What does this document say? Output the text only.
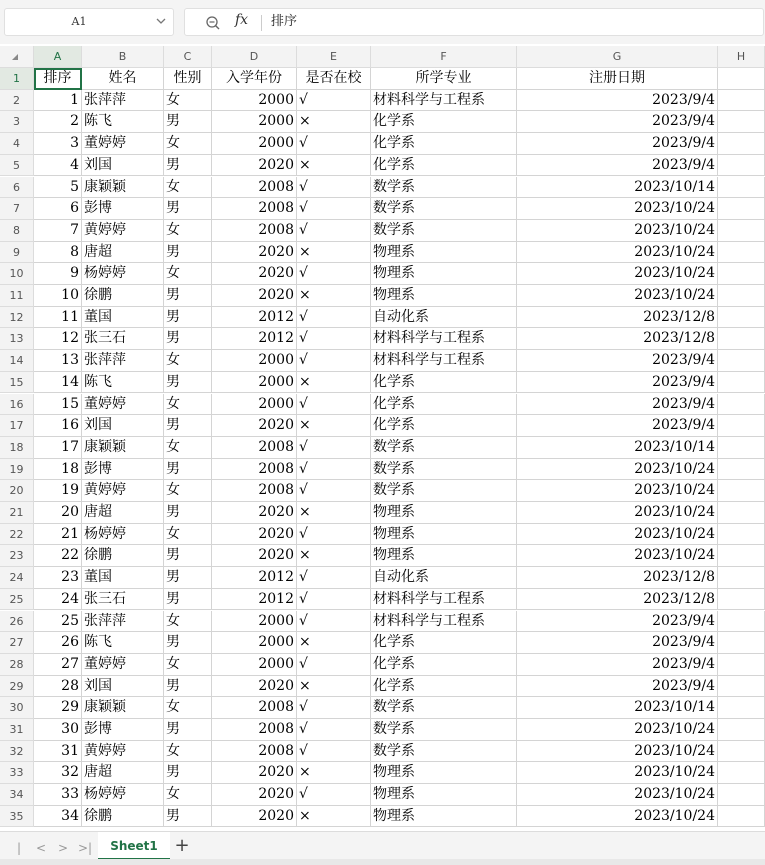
A1	fx 排序
A	B	C	D	E	F	G	H
1	排序	姓名	性别	入学年份	是否在校	所学专业	注册日期
2	1 张萍萍	女	2000 √	材料科学与工程系	2023/9/4
3	2 陈飞	男	2000 ×	化学系	2023/9/4
4	3 董婷婷	女	2000 √	化学系	2023/9/4
5	4 刘国	男	2020 ×	化学系	2023/9/4
6	5 康颖颖	女	2008 √	数学系	2023/10/14
7	6 彭博	男	2008 √	数学系	2023/10/24
8	7 黄婷婷	女	2008 √	数学系	2023/10/24
9	8 唐超	男	2020 ×	物理系	2023/10/24
10	9 杨婷婷	女	2020 √	物理系	2023/10/24
11	10 徐鹏	男	2020 ×	物理系	2023/10/24
12	11 董国	男	2012 √	自动化系	2023/12/8
13	12 张三石	男	2012 √	材料科学与工程系	2023/12/8
14	13 张萍萍	女	2000 √	材料科学与工程系	2023/9/4
15	14 陈飞	男	2000 ×	化学系	2023/9/4
16	15 董婷婷	女	2000 √	化学系	2023/9/4
17	16 刘国	男	2020 ×	化学系	2023/9/4
18	17 康颖颖	女	2008 √	数学系	2023/10/14
19	18 彭博	男	2008 √	数学系	2023/10/24
20	19 黄婷婷	女	2008 √	数学系	2023/10/24
21	20 唐超	男	2020 ×	物理系	2023/10/24
22	21 杨婷婷	女	2020 √	物理系	2023/10/24
23	22 徐鹏	男	2020 ×	物理系	2023/10/24
24	23 董国	男	2012 √	自动化系	2023/12/8
25	24 张三石	男	2012 √	材料科学与工程系	2023/12/8
26	25 张萍萍	女	2000 √	材料科学与工程系	2023/9/4
27	26 陈飞	男	2000 ×	化学系	2023/9/4
28	27 董婷婷	女	2000 √	化学系	2023/9/4
29	28 刘国	男	2020 ×	化学系	2023/9/4
30	29 康颖颖	女	2008 √	数学系	2023/10/14
31	30 彭博	男	2008 √	数学系	2023/10/24
32	31 黄婷婷	女	2008 √	数学系	2023/10/24
33	32 唐超	男	2020 ×	物理系	2023/10/24
34	33 杨婷婷	女	2020 √	物理系	2023/10/24
35	34 徐鹏	男	2020 ×	物理系	2023/10/24
|	< > >|	Sheet1 +
